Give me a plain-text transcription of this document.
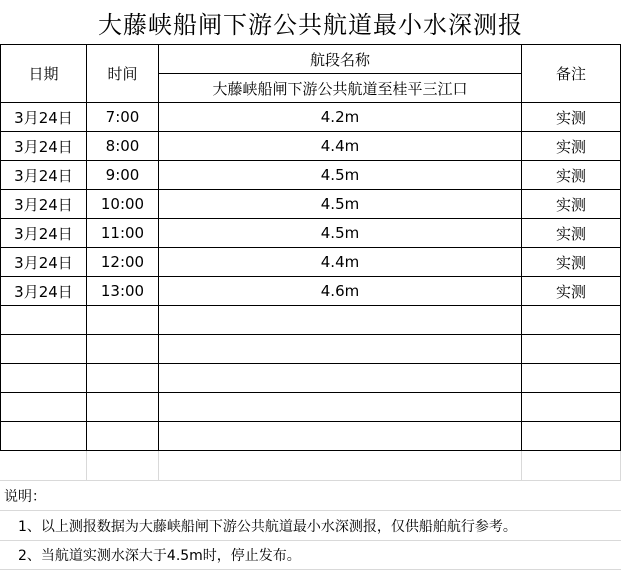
大藤峡船闸下游公共航道最小水深测报
日期	时间	航段名称	备注
		大藤峡船闸下游公共航道至桂平三江口	
3月24日	7:00	4.2m	实测
3月24日	8:00	4.4m	实测
3月24日	9:00	4.5m	实测
3月24日	10:00	4.5m	实测
3月24日	11:00	4.5m	实测
3月24日	12:00	4.4m	实测
3月24日	13:00	4.6m	实测

说明：
1、以上测报数据为大藤峡船闸下游公共航道最小水深测报，仅供船舶航行参考。
2、当航道实测水深大于4.5m时，停止发布。
